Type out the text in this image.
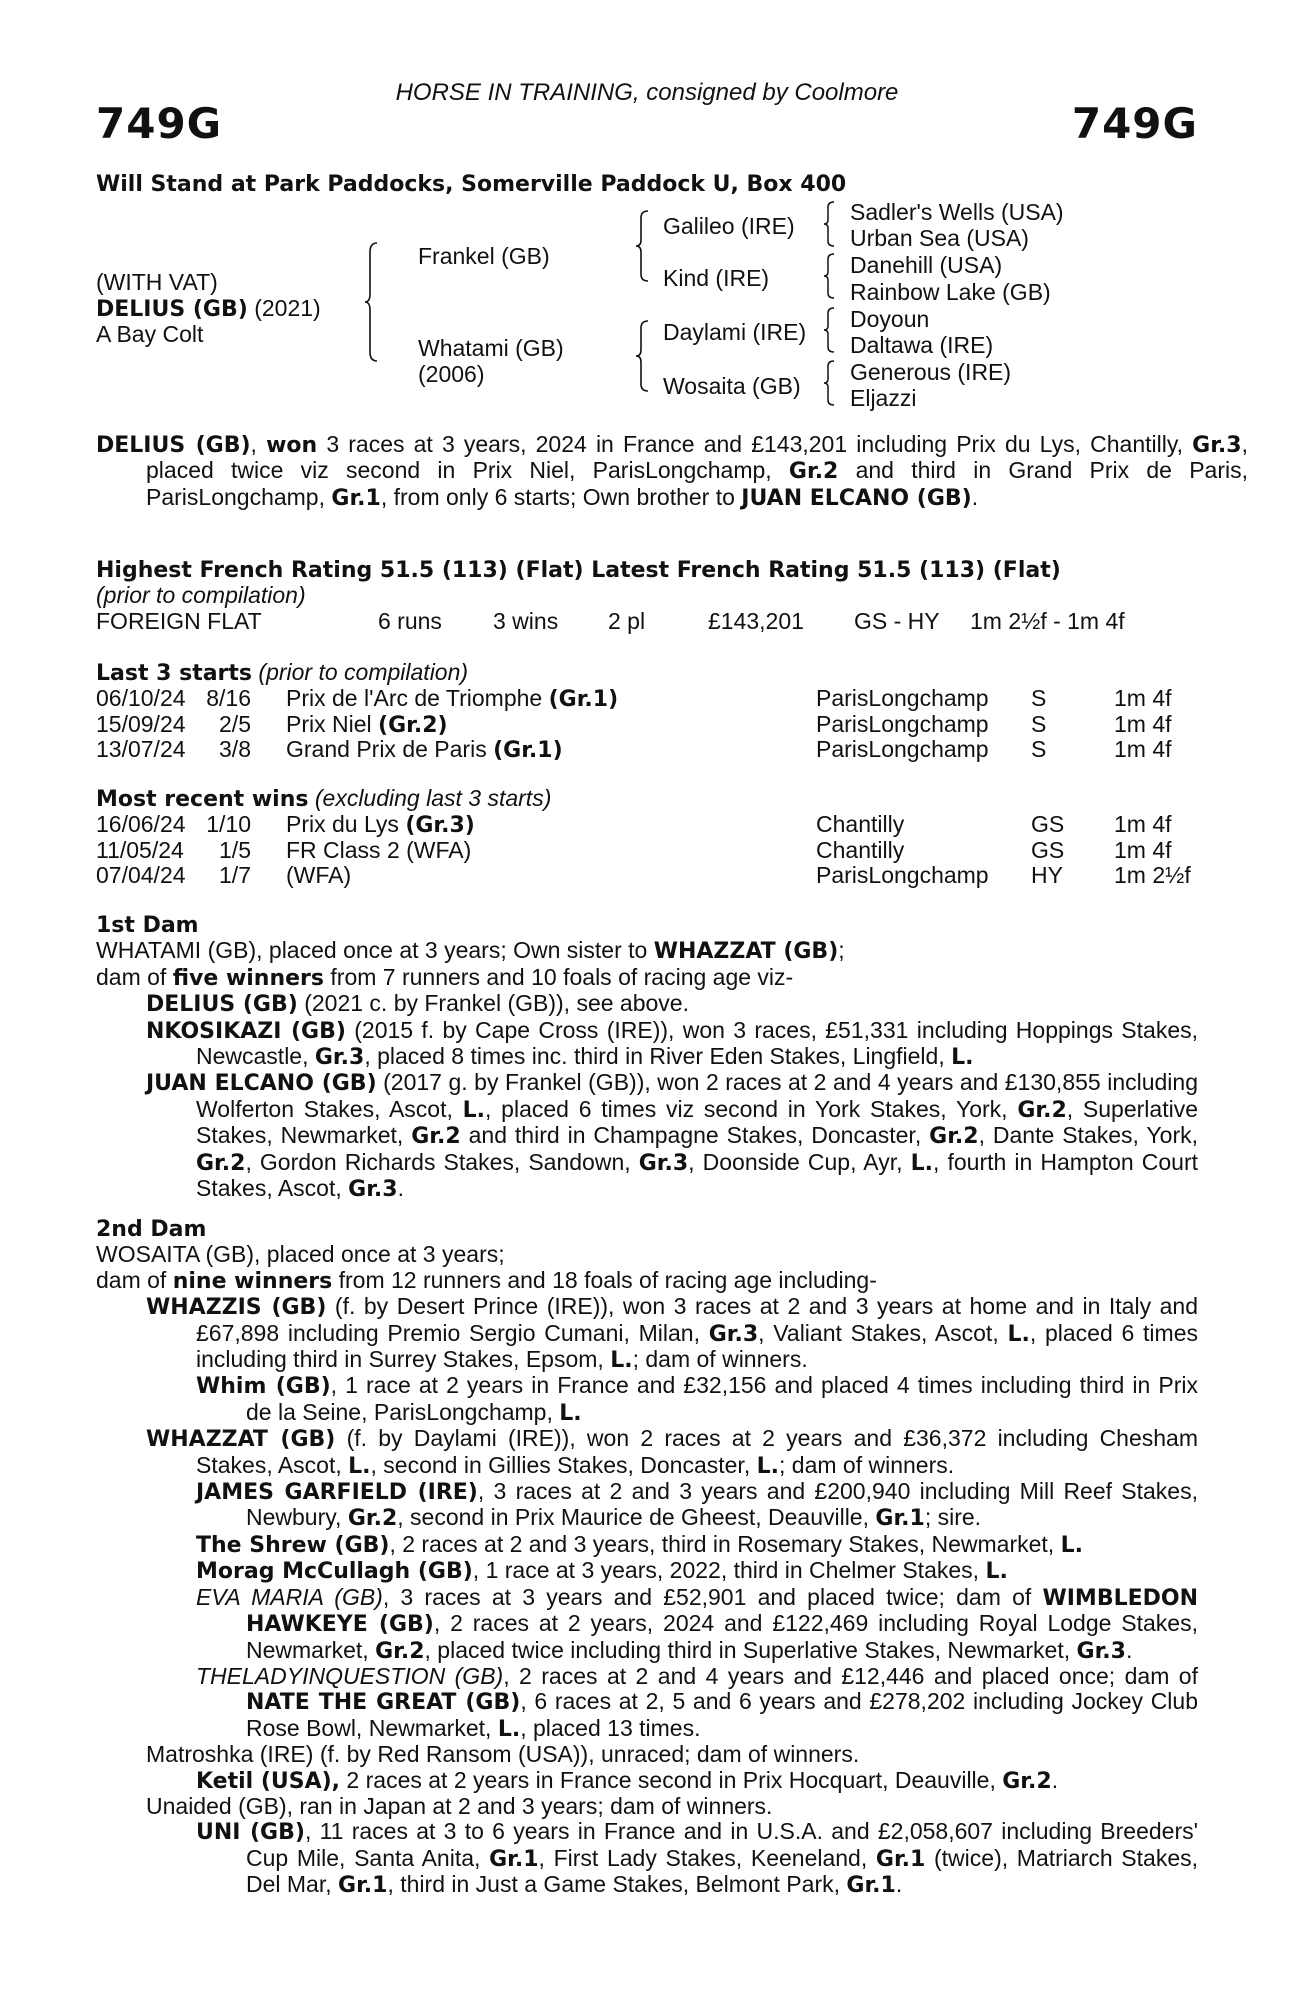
HORSE IN TRAINING, consigned by Coolmore
749G	749G
Will Stand at Park Paddocks, Somerville Paddock U, Box 400
(WITH VAT)
DELIUS (GB) (2021)
A Bay Colt
Frankel (GB)
Whatami (GB)
(2006)
Galileo (IRE)
Kind (IRE)
Daylami (IRE)
Wosaita (GB)
Sadler's Wells (USA)
Urban Sea (USA)
Danehill (USA)
Rainbow Lake (GB)
Doyoun
Daltawa (IRE)
Generous (IRE)
Eljazzi
DELIUS (GB), won 3 races at 3 years, 2024 in France and £143,201 including Prix du Lys, Chantilly, Gr.3, placed twice viz second in Prix Niel, ParisLongchamp, Gr.2 and third in Grand Prix de Paris, ParisLongchamp, Gr.1, from only 6 starts; Own brother to JUAN ELCANO (GB).
Highest French Rating 51.5 (113) (Flat) Latest French Rating 51.5 (113) (Flat)
(prior to compilation)
FOREIGN FLAT	6 runs 3 wins 2 pl	£143,201 GS - HY 1m 2½f - 1m 4f
Last 3 starts (prior to compilation)
06/10/24 8/16 Prix de l'Arc de Triomphe (Gr.1)	ParisLongchamp S	1m 4f
15/09/24	2/5 Prix Niel (Gr.2)	ParisLongchamp S	1m 4f
13/07/24	3/8 Grand Prix de Paris (Gr.1)	ParisLongchamp S	1m 4f
Most recent wins (excluding last 3 starts)
16/06/24 1/10 Prix du Lys (Gr.3)	Chantilly	GS 1m 4f
11/05/24	1/5 FR Class 2 (WFA)	Chantilly	GS 1m 4f
07/04/24	1/7 (WFA)	ParisLongchamp HY 1m 2½f
1st Dam
WHATAMI (GB), placed once at 3 years; Own sister to WHAZZAT (GB);
dam of five winners from 7 runners and 10 foals of racing age viz-
DELIUS (GB) (2021 c. by Frankel (GB)), see above.
NKOSIKAZI (GB) (2015 f. by Cape Cross (IRE)), won 3 races, £51,331 including Hoppings Stakes, Newcastle, Gr.3, placed 8 times inc. third in River Eden Stakes, Lingfield, L.
JUAN ELCANO (GB) (2017 g. by Frankel (GB)), won 2 races at 2 and 4 years and £130,855 including Wolferton Stakes, Ascot, L., placed 6 times viz second in York Stakes, York, Gr.2, Superlative Stakes, Newmarket, Gr.2 and third in Champagne Stakes, Doncaster, Gr.2, Dante Stakes, York, Gr.2, Gordon Richards Stakes, Sandown, Gr.3, Doonside Cup, Ayr, L., fourth in Hampton Court Stakes, Ascot, Gr.3.
2nd Dam
WOSAITA (GB), placed once at 3 years;
dam of nine winners from 12 runners and 18 foals of racing age including-
WHAZZIS (GB) (f. by Desert Prince (IRE)), won 3 races at 2 and 3 years at home and in Italy and £67,898 including Premio Sergio Cumani, Milan, Gr.3, Valiant Stakes, Ascot, L., placed 6 times including third in Surrey Stakes, Epsom, L.; dam of winners.
Whim (GB), 1 race at 2 years in France and £32,156 and placed 4 times including third in Prix de la Seine, ParisLongchamp, L.
WHAZZAT (GB) (f. by Daylami (IRE)), won 2 races at 2 years and £36,372 including Chesham Stakes, Ascot, L., second in Gillies Stakes, Doncaster, L.; dam of winners.
JAMES GARFIELD (IRE), 3 races at 2 and 3 years and £200,940 including Mill Reef Stakes, Newbury, Gr.2, second in Prix Maurice de Gheest, Deauville, Gr.1; sire.
The Shrew (GB), 2 races at 2 and 3 years, third in Rosemary Stakes, Newmarket, L.
Morag McCullagh (GB), 1 race at 3 years, 2022, third in Chelmer Stakes, L.
EVA MARIA (GB), 3 races at 3 years and £52,901 and placed twice; dam of WIMBLEDON HAWKEYE (GB), 2 races at 2 years, 2024 and £122,469 including Royal Lodge Stakes, Newmarket, Gr.2, placed twice including third in Superlative Stakes, Newmarket, Gr.3.
THELADYINQUESTION (GB), 2 races at 2 and 4 years and £12,446 and placed once; dam of NATE THE GREAT (GB), 6 races at 2, 5 and 6 years and £278,202 including Jockey Club Rose Bowl, Newmarket, L., placed 13 times.
Matroshka (IRE) (f. by Red Ransom (USA)), unraced; dam of winners.
Ketil (USA), 2 races at 2 years in France second in Prix Hocquart, Deauville, Gr.2.
Unaided (GB), ran in Japan at 2 and 3 years; dam of winners.
UNI (GB), 11 races at 3 to 6 years in France and in U.S.A. and £2,058,607 including Breeders' Cup Mile, Santa Anita, Gr.1, First Lady Stakes, Keeneland, Gr.1 (twice), Matriarch Stakes, Del Mar, Gr.1, third in Just a Game Stakes, Belmont Park, Gr.1.
